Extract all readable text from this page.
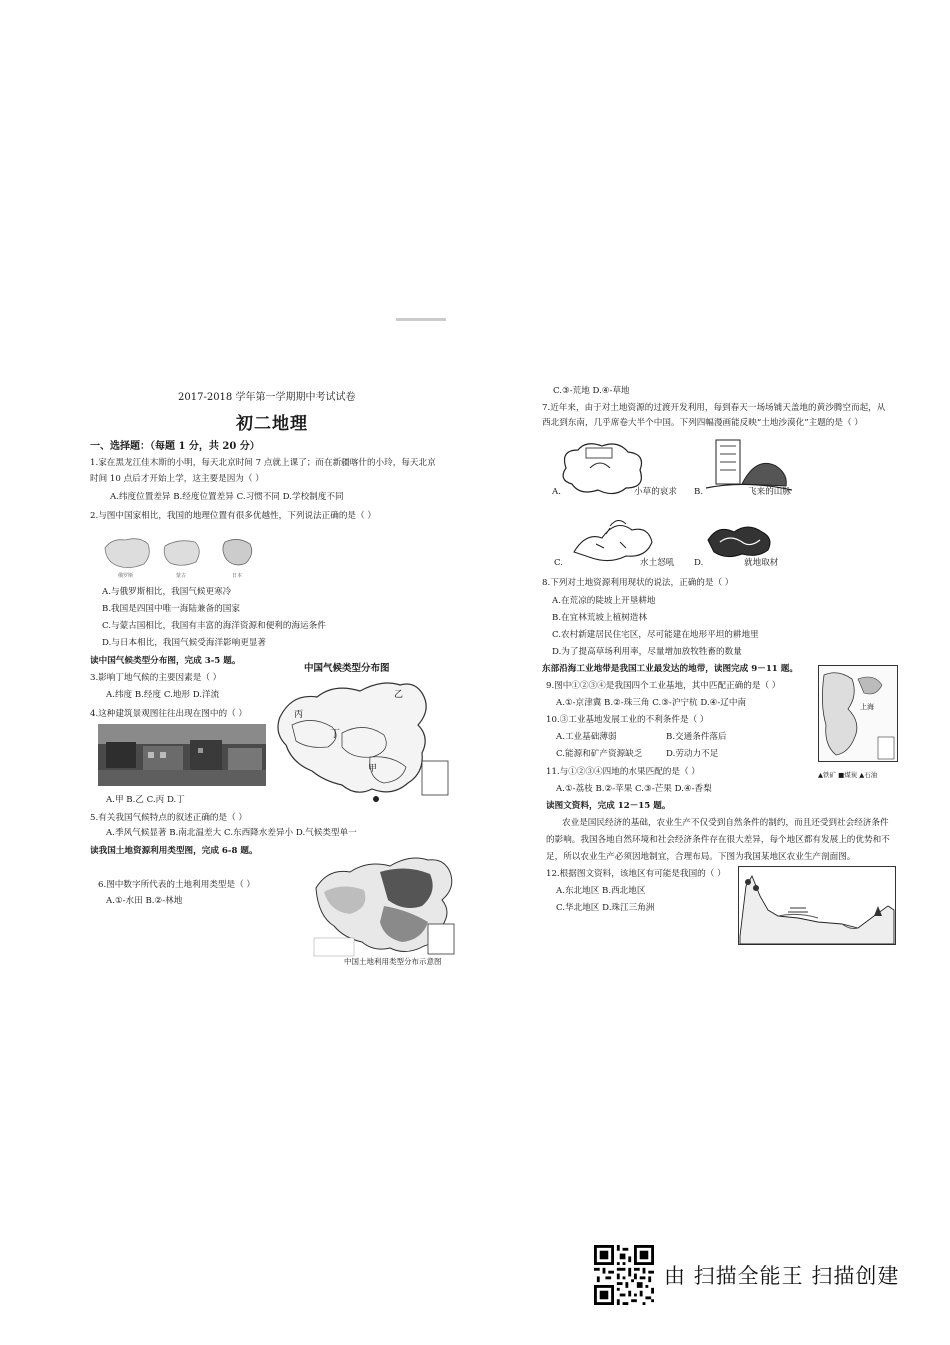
2017-2018 学年第一学期期中考试试卷
初二地理
一、选择题：（每题 1 分，共 20 分）
1.家在黑龙江佳木斯的小明，每天北京时间 7 点就上课了；而在新疆喀什的小玲，每天北京
时间 10 点后才开始上学，这主要是因为（ ）
A.纬度位置差异 B.经度位置差异 C.习惯不同 D.学校制度不同
2.与图中国家相比，我国的地理位置有很多优越性，下列说法正确的是（ ）
俄罗斯	蒙古	日本
A.与俄罗斯相比，我国气候更寒冷
B.我国是四国中唯一海陆兼备的国家
C.与蒙古国相比，我国有丰富的海洋资源和便利的海运条件
D.与日本相比，我国气候受海洋影响更显著
读中国气候类型分布图，完成 3-5 题。
3.影响丁地气候的主要因素是（ ）
A.纬度 B.经度 C.地形 D.洋流
4.这种建筑景观图往往出现在图中的（ ）
A.甲 B.乙 C.丙 D.丁
中国气候类型分布图
丙
丁
甲
乙
5.有关我国气候特点的叙述正确的是（ ）
A.季风气候显著 B.南北温差大 C.东西降水差异小 D.气候类型单一
读我国土地资源利用类型图，完成 6-8 题。
6.图中数字所代表的土地利用类型是（ ）
A.①-水田 B.②-林地
中国土地利用类型分布示意图
C.③-荒地 D.④-草地
7.近年来，由于对土地资源的过渡开发利用，每到春天一场场铺天盖地的黄沙腾空而起，从
西北到东南，几乎席卷大半个中国。下列四幅漫画能反映“土地沙漠化”主题的是（ ）
A.	小草的哀求 B.	飞来的山脉
C.	水土怒吼 D.	就地取材
8.下列对土地资源利用现状的说法，正确的是（ ）
A.在荒凉的陡坡上开垦耕地
B.在宜林荒坡上植树造林
C.农村新建居民住宅区，尽可能建在地形平坦的耕地里
D.为了提高草场利用率，尽量增加放牧牲畜的数量
东部沿海工业地带是我国工业最发达的地带，读图完成 9－11 题。
上海
▲铁矿 ■煤炭 ▲石油
9.图中①②③④是我国四个工业基地，其中匹配正确的是（ ）
A.①-京津冀 B.②-珠三角 C.③-沪宁杭 D.④-辽中南
10.③工业基地发展工业的不利条件是（ ）
A.工业基础薄弱	B.交通条件落后
C.能源和矿产资源缺乏	D.劳动力不足
11.与①②③④四地的水果匹配的是（ ）
A.①-荔枝 B.②-苹果 C.③-芒果 D.④-香梨
读图文资料，完成 12－15 题。
农业是国民经济的基础，农业生产不仅受到自然条件的制约，而且还受到社会经济条件
的影响。我国各地自然环境和社会经济条件存在很大差异，每个地区都有发展上的优势和不
足，所以农业生产必须因地制宜，合理布局。下图为我国某地区农业生产剖面图。
12.根据图文资料，该地区有可能是我国的（ ）
A.东北地区 B.西北地区
C.华北地区 D.珠江三角洲
由 扫描全能王 扫描创建
